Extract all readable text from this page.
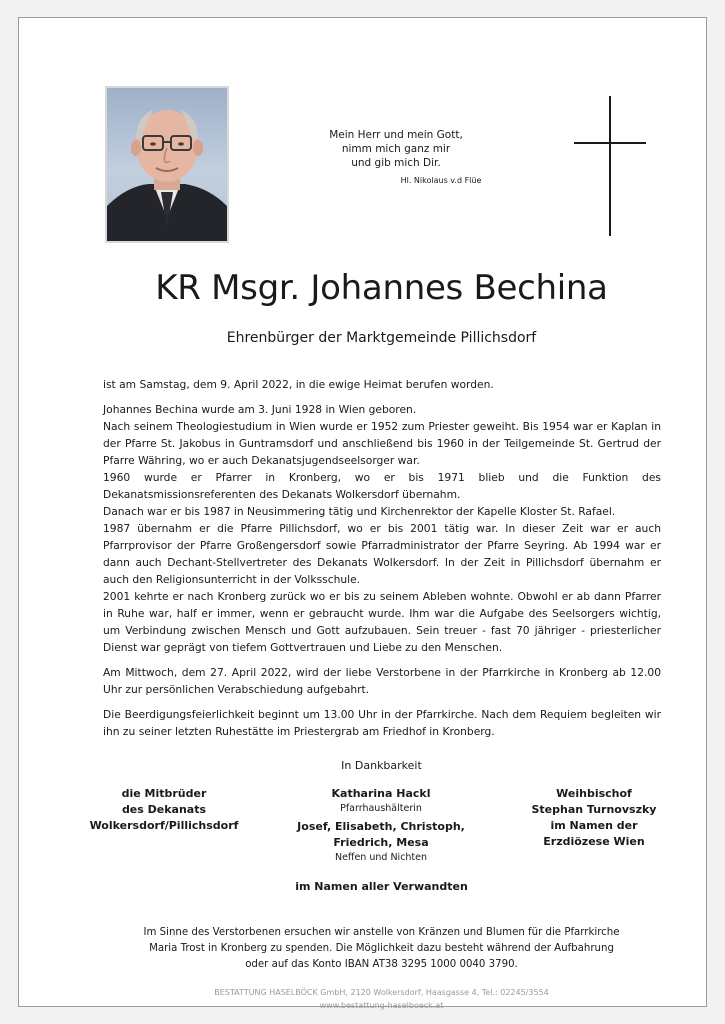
Mein Herr und mein Gott,
nimm mich ganz mir
und gib mich Dir.
Hl. Nikolaus v.d Flüe
KR Msgr. Johannes Bechina
Ehrenbürger der Marktgemeinde Pillichsdorf

ist am Samstag, dem 9. April 2022, in die ewige Heimat berufen worden.

Johannes Bechina wurde am 3. Juni 1928 in Wien geboren.
Nach seinem Theologiestudium in Wien wurde er 1952 zum Priester geweiht. Bis 1954 war er Kaplan in der Pfarre St. Jakobus in Guntramsdorf und anschließend bis 1960 in der Teilgemeinde St. Gertrud der Pfarre Währing, wo er auch Dekanatsjugendseelsorger war.
1960 wurde er Pfarrer in Kronberg, wo er bis 1971 blieb und die Funktion des Dekanatsmissionsreferenten des Dekanats Wolkersdorf übernahm.
Danach war er bis 1987 in Neusimmering tätig und Kirchenrektor der Kapelle Kloster St. Rafael.
1987 übernahm er die Pfarre Pillichsdorf, wo er bis 2001 tätig war. In dieser Zeit war er auch Pfarrprovisor der Pfarre Großengersdorf sowie Pfarradministrator der Pfarre Seyring. Ab 1994 war er dann auch Dechant-Stellvertreter des Dekanats Wolkersdorf. In der Zeit in Pillichsdorf übernahm er auch den Religionsunterricht in der Volksschule.
2001 kehrte er nach Kronberg zurück wo er bis zu seinem Ableben wohnte. Obwohl er ab dann Pfarrer in Ruhe war, half er immer, wenn er gebraucht wurde. Ihm war die Aufgabe des Seelsorgers wichtig, um Verbindung zwischen Mensch und Gott aufzubauen. Sein treuer - fast 70 jähriger - priesterlicher Dienst war geprägt von tiefem Gottvertrauen und Liebe zu den Menschen.

Am Mittwoch, dem 27. April 2022, wird der liebe Verstorbene in der Pfarrkirche in Kronberg ab 12.00 Uhr zur persönlichen Verabschiedung aufgebahrt.

Die Beerdigungsfeierlichkeit beginnt um 13.00 Uhr in der Pfarrkirche. Nach dem Requiem begleiten wir ihn zu seiner letzten Ruhestätte im Priestergrab am Friedhof in Kronberg.

In Dankbarkeit
die Mitbrüder
des Dekanats
Wolkersdorf/Pillichsdorf
Katharina Hackl
Pfarrhaushälterin
Josef, Elisabeth, Christoph,
Friedrich, Mesa
Neffen und Nichten
Weihbischof
Stephan Turnovszky
im Namen der
Erzdiözese Wien
im Namen aller Verwandten
Im Sinne des Verstorbenen ersuchen wir anstelle von Kränzen und Blumen für die Pfarrkirche
Maria Trost in Kronberg zu spenden. Die Möglichkeit dazu besteht während der Aufbahrung
oder auf das Konto IBAN AT38 3295 1000 0040 3790.
BESTATTUNG HASELBÖCK GmbH, 2120 Wolkersdorf, Haasgasse 4, Tel.: 02245/3554
www.bestattung-haselboeck.at
